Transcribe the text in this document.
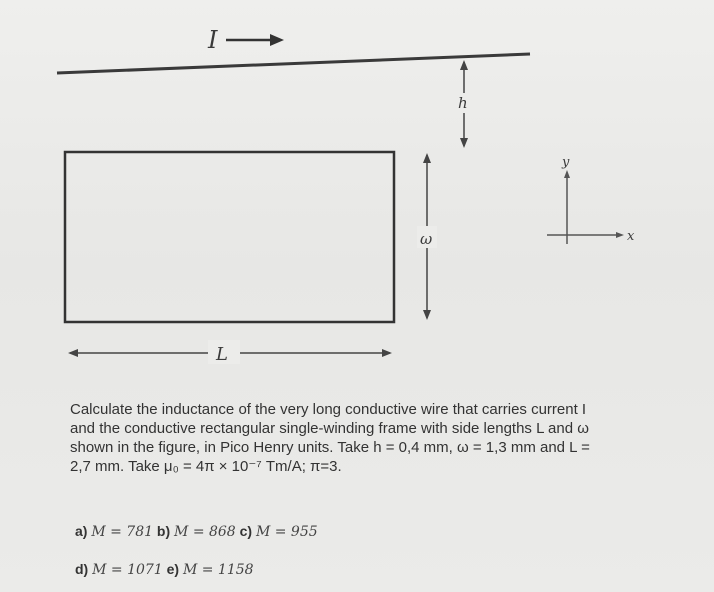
I
h
ω
L
y
x
Calculate the inductance of the very long conductive wire that carries current I
and the conductive rectangular single-winding frame with side lengths L and ω
shown in the figure, in Pico Henry units. Take h = 0,4 mm, ω = 1,3 mm and L =
2,7 mm. Take μ₀ = 4π × 10⁻⁷ Tm/A; π=3.
a) M = 781 b) M = 868 c) M = 955
d) M = 1071 e) M = 1158
